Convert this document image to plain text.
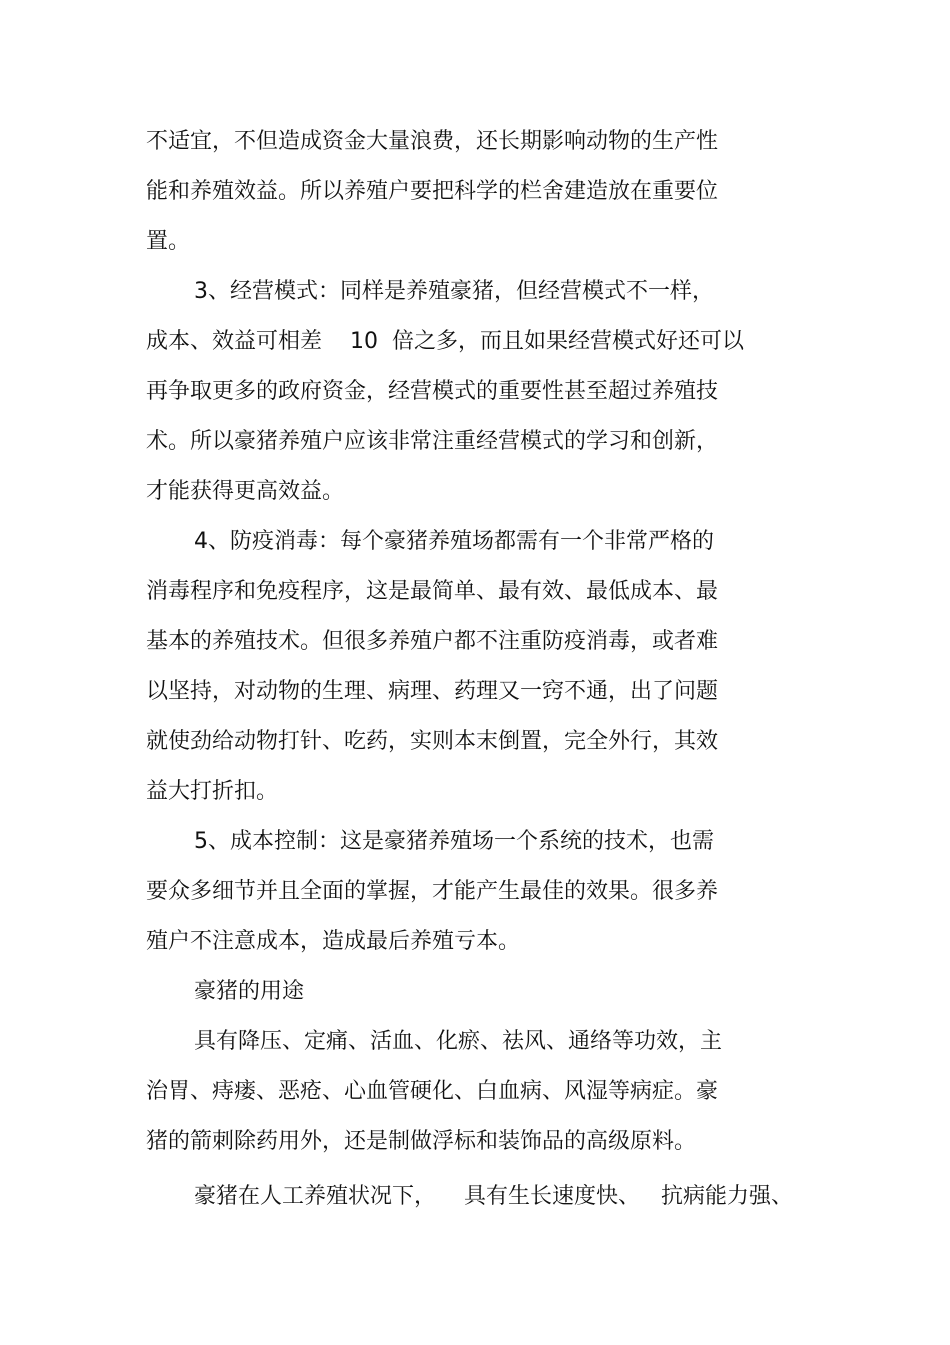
不适宜，不但造成资金大量浪费，还长期影响动物的生产性
能和养殖效益。所以养殖户要把科学的栏舍建造放在重要位
置。
3、经营模式：同样是养殖豪猪，但经营模式不一样，
成本、效益可相差    10  倍之多，而且如果经营模式好还可以
再争取更多的政府资金，经营模式的重要性甚至超过养殖技
术。所以豪猪养殖户应该非常注重经营模式的学习和创新，
才能获得更高效益。
4、防疫消毒：每个豪猪养殖场都需有一个非常严格的
消毒程序和免疫程序，这是最简单、最有效、最低成本、最
基本的养殖技术。但很多养殖户都不注重防疫消毒，或者难
以坚持，对动物的生理、病理、药理又一窍不通，出了问题
就使劲给动物打针、吃药，实则本末倒置，完全外行，其效
益大打折扣。
5、成本控制：这是豪猪养殖场一个系统的技术，也需
要众多细节并且全面的掌握，才能产生最佳的效果。很多养
殖户不注意成本，造成最后养殖亏本。
豪猪的用途
具有降压、定痛、活血、化瘀、祛风、通络等功效，主
治胃、痔瘘、恶疮、心血管硬化、白血病、风湿等病症。豪
猪的箭刺除药用外，还是制做浮标和装饰品的高级原料。
豪猪在人工养殖状况下，    具有生长速度快、   抗病能力强、
